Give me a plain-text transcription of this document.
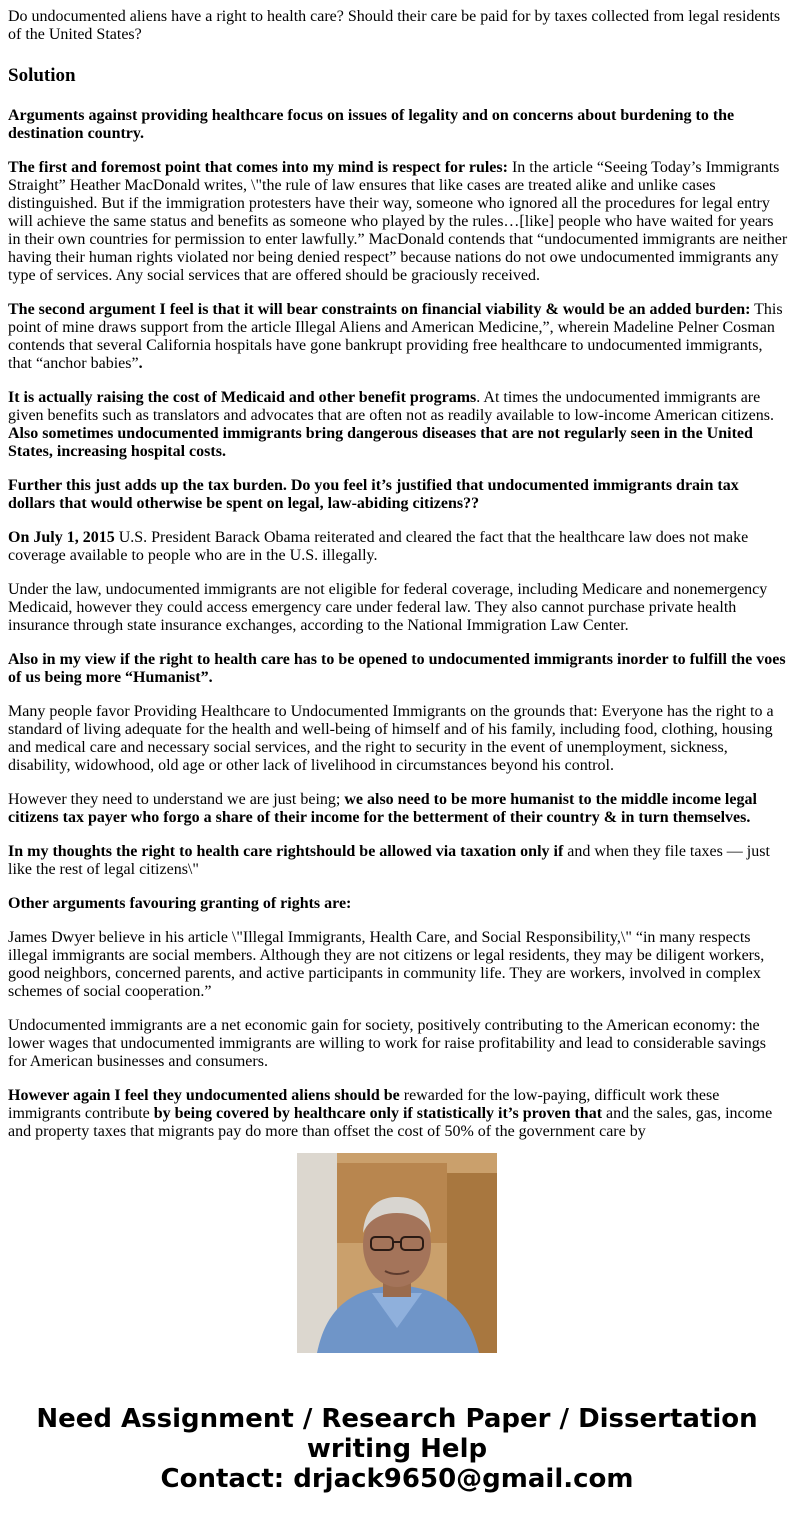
Do undocumented aliens have a right to health care? Should their care be paid for by taxes collected from legal residents of the United States?

Solution

Arguments against providing healthcare focus on issues of legality and on concerns about burdening to the destination country.

The first and foremost point that comes into my mind is respect for rules: In the article “Seeing Today’s Immigrants Straight” Heather MacDonald writes, \"the rule of law ensures that like cases are treated alike and unlike cases distinguished. But if the immigration protesters have their way, someone who ignored all the procedures for legal entry will achieve the same status and benefits as someone who played by the rules…[like] people who have waited for years in their own countries for permission to enter lawfully.” MacDonald contends that “undocumented immigrants are neither having their human rights violated nor being denied respect” because nations do not owe undocumented immigrants any type of services. Any social services that are offered should be graciously received.

The second argument I feel is that it will bear constraints on financial viability & would be an added burden: This point of mine draws support from the article Illegal Aliens and American Medicine,”, wherein Madeline Pelner Cosman contends that several California hospitals have gone bankrupt providing free healthcare to undocumented immigrants, that “anchor babies”.

It is actually raising the cost of Medicaid and other benefit programs. At times the undocumented immigrants are given benefits such as translators and advocates that are often not as readily available to low-income American citizens. Also sometimes undocumented immigrants bring dangerous diseases that are not regularly seen in the United States, increasing hospital costs.

Further this just adds up the tax burden. Do you feel it’s justified that undocumented immigrants drain tax dollars that would otherwise be spent on legal, law-abiding citizens??

On July 1, 2015 U.S. President Barack Obama reiterated and cleared the fact that the healthcare law does not make coverage available to people who are in the U.S. illegally.

Under the law, undocumented immigrants are not eligible for federal coverage, including Medicare and nonemergency Medicaid, however they could access emergency care under federal law. They also cannot purchase private health insurance through state insurance exchanges, according to the National Immigration Law Center.

Also in my view if the right to health care has to be opened to undocumented immigrants inorder to fulfill the voes of us being more “Humanist”.

Many people favor Providing Healthcare to Undocumented Immigrants on the grounds that: Everyone has the right to a standard of living adequate for the health and well-being of himself and of his family, including food, clothing, housing and medical care and necessary social services, and the right to security in the event of unemployment, sickness, disability, widowhood, old age or other lack of livelihood in circumstances beyond his control.

However they need to understand we are just being; we also need to be more humanist to the middle income legal citizens tax payer who forgo a share of their income for the betterment of their country & in turn themselves.

In my thoughts the right to health care rightshould be allowed via taxation only if and when they file taxes — just like the rest of legal citizens\"

Other arguments favouring granting of rights are:

James Dwyer believe in his article \"Illegal Immigrants, Health Care, and Social Responsibility,\" “in many respects illegal immigrants are social members. Although they are not citizens or legal residents, they may be diligent workers, good neighbors, concerned parents, and active participants in community life. They are workers, involved in complex schemes of social cooperation.”

Undocumented immigrants are a net economic gain for society, positively contributing to the American economy: the lower wages that undocumented immigrants are willing to work for raise profitability and lead to considerable savings for American businesses and consumers.

However again I feel they undocumented aliens should be rewarded for the low-paying, difficult work these immigrants contribute by being covered by healthcare only if statistically it’s proven that and the sales, gas, income and property taxes that migrants pay do more than offset the cost of 50% of the government care by

Need Assignment / Research Paper / Dissertation
writing Help
Contact: drjack9650@gmail.com
